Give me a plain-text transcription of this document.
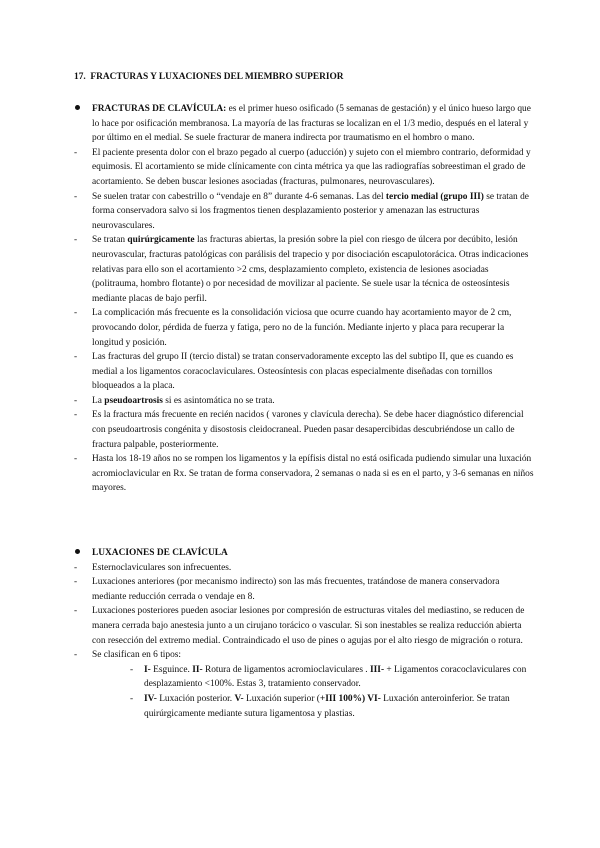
17. FRACTURAS Y LUXACIONES DEL MIEMBRO SUPERIOR
FRACTURAS DE CLAVÍCULA: es el primer hueso osificado (5 semanas de gestación) y el único hueso largo que lo hace por osificación membranosa. La mayoría de las fracturas se localizan en el 1/3 medio, después en el lateral y por último en el medial. Se suele fracturar de manera indirecta por traumatismo en el hombro o mano.
-	El paciente presenta dolor con el brazo pegado al cuerpo (aducción) y sujeto con el miembro contrario, deformidad y equimosis. El acortamiento se mide clínicamente con cinta métrica ya que las radiografías sobreestiman el grado de acortamiento. Se deben buscar lesiones asociadas (fracturas, pulmonares, neurovasculares).
-	Se suelen tratar con cabestrillo o “vendaje en 8” durante 4-6 semanas. Las del tercio medial (grupo III) se tratan de forma conservadora salvo si los fragmentos tienen desplazamiento posterior y amenazan las estructuras neurovasculares.
-	Se tratan quirúrgicamente las fracturas abiertas, la presión sobre la piel con riesgo de úlcera por decúbito, lesión neurovascular, fracturas patológicas con parálisis del trapecio y por disociación escapulotorácica. Otras indicaciones relativas para ello son el acortamiento >2 cms, desplazamiento completo, existencia de lesiones asociadas (politrauma, hombro flotante) o por necesidad de movilizar al paciente. Se suele usar la técnica de osteosíntesis mediante placas de bajo perfil.
-	La complicación más frecuente es la consolidación viciosa que ocurre cuando hay acortamiento mayor de 2 cm, provocando dolor, pérdida de fuerza y fatiga, pero no de la función. Mediante injerto y placa para recuperar la longitud y posición.
-	Las fracturas del grupo II (tercio distal) se tratan conservadoramente excepto las del subtipo II, que es cuando es medial a los ligamentos coracoclaviculares. Osteosíntesis con placas especialmente diseñadas con tornillos bloqueados a la placa.
-	La pseudoartrosis si es asintomática no se trata.
-	Es la fractura más frecuente en recién nacidos ( varones y clavícula derecha). Se debe hacer diagnóstico diferencial con pseudoartrosis congénita y disostosis cleidocraneal. Pueden pasar desapercibidas descubriéndose un callo de fractura palpable, posteriormente.
-	Hasta los 18-19 años no se rompen los ligamentos y la epífisis distal no está osificada pudiendo simular una luxación acromioclavicular en Rx. Se tratan de forma conservadora, 2 semanas o nada si es en el parto, y 3-6 semanas en niños mayores.
LUXACIONES DE CLAVÍCULA
-	Esternoclaviculares son infrecuentes.
-	Luxaciones anteriores (por mecanismo indirecto) son las más frecuentes, tratándose de manera conservadora mediante reducción cerrada o vendaje en 8.
-	Luxaciones posteriores pueden asociar lesiones por compresión de estructuras vitales del mediastino, se reducen de manera cerrada bajo anestesia junto a un cirujano torácico o vascular. Si son inestables se realiza reducción abierta con resección del extremo medial. Contraindicado el uso de pines o agujas por el alto riesgo de migración o rotura.
-	Se clasifican en 6 tipos:
-	I- Esguince. II- Rotura de ligamentos acromioclaviculares . III- + Ligamentos coracoclaviculares con desplazamiento <100%. Estas 3, tratamiento conservador.
-	IV- Luxación posterior. V- Luxación superior (+III 100%) VI- Luxación anteroinferior. Se tratan quirúrgicamente mediante sutura ligamentosa y plastias.
